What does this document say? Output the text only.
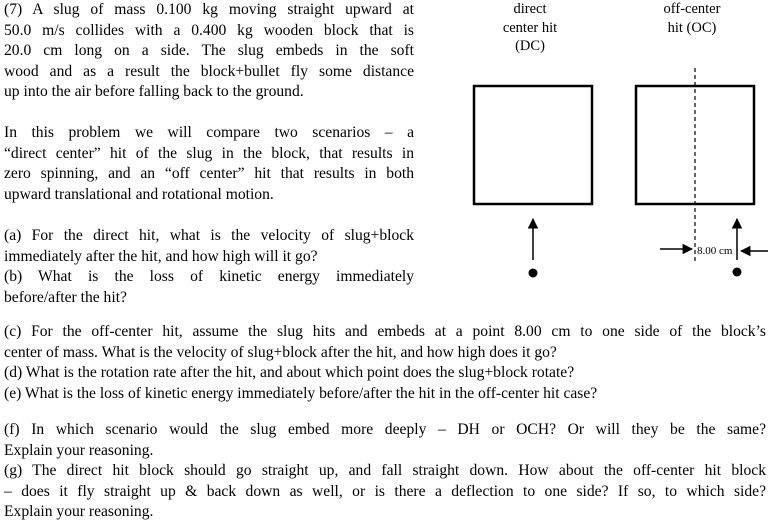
(7) A slug of mass 0.100 kg moving straight upward at
50.0 m/s collides with a 0.400 kg wooden block that is
20.0 cm long on a side. The slug embeds in the soft
wood and as a result the block+bullet fly some distance
up into the air before falling back to the ground.
In this problem we will compare two scenarios – a
“direct center” hit of the slug in the block, that results in
zero spinning, and an “off center” hit that results in both
upward translational and rotational motion.
(a) For the direct hit, what is the velocity of slug+block
immediately after the hit, and how high will it go?
(b) What is the loss of kinetic energy immediately
before/after the hit?
(c) For the off-center hit, assume the slug hits and embeds at a point 8.00 cm to one side of the block’s
center of mass. What is the velocity of slug+block after the hit, and how high does it go?
(d) What is the rotation rate after the hit, and about which point does the slug+block rotate?
(e) What is the loss of kinetic energy immediately before/after the hit in the off-center hit case?
(f) In which scenario would the slug embed more deeply – DH or OCH? Or will they be the same?
Explain your reasoning.
(g) The direct hit block should go straight up, and fall straight down. How about the off-center hit block
– does it fly straight up & back down as well, or is there a deflection to one side? If so, to which side?
Explain your reasoning.
direct
center hit
(DC)
off-center
hit (OC)
8.00 cm
